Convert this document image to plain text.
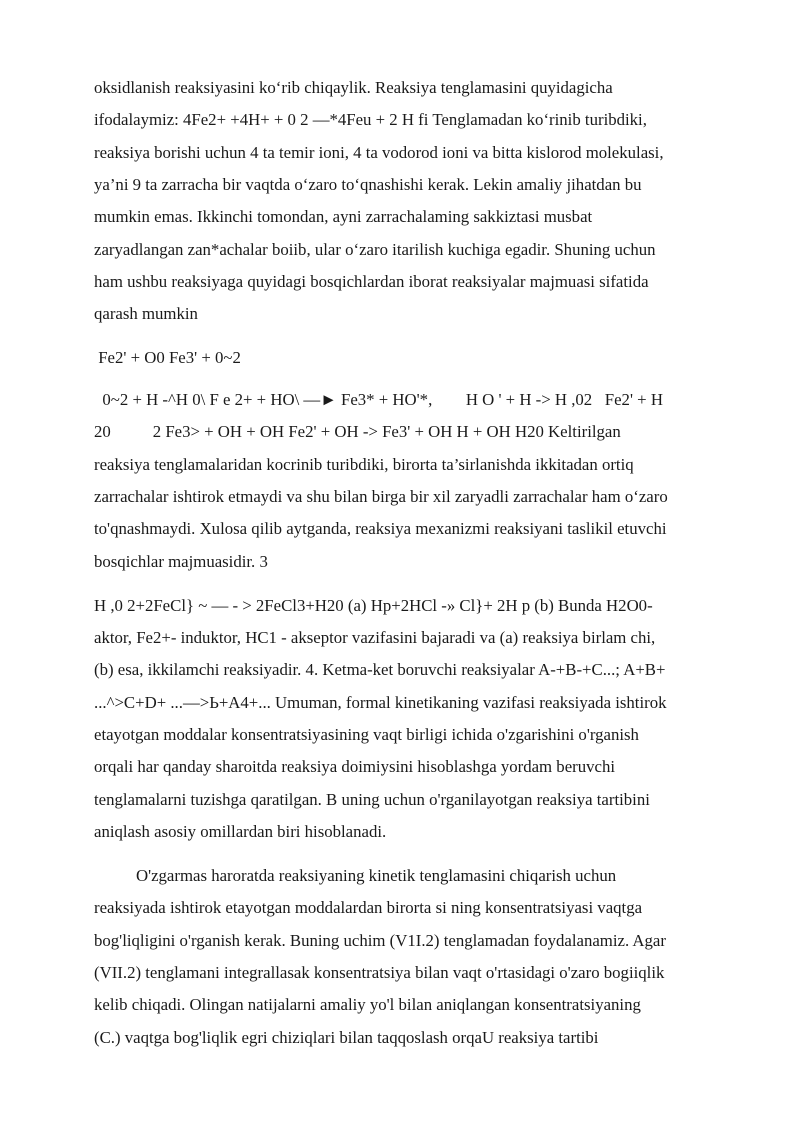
oksidlanish reaksiyasini ko‘rib chiqaylik. Reaksiya tenglamasini quyidagicha

ifodalaymiz: 4Fe2+ +4H+ + 0 2 —*4Feu + 2 H fi Tenglamadan ko‘rinib turibdiki,

reaksiya borishi uchun 4 ta temir ioni, 4 ta vodorod ioni va bitta kislorod molekulasi,

ya’ni 9 ta zarracha bir vaqtda o‘zaro to‘qnashishi kerak. Lekin amaliy jihatdan bu

mumkin emas. Ikkinchi tomondan, ayni zarrachalaming sakkiztasi musbat

zaryadlangan zan*achalar boiib, ular o‘zaro itarilish kuchiga egadir. Shuning uchun

ham ushbu reaksiyaga quyidagi bosqichlardan iborat reaksiyalar majmuasi sifatida

qarash mumkin

Fe2' + O0 Fe3' + 0~2

0~2 + H -^H 0\ F e 2+ + HO\ —► Fe3* + HO'*,        H O ' + H -> H ,02   Fe2' + H

20          2 Fe3> + OH + OH Fe2' + OH -> Fe3' + OH H + OH H20 Keltirilgan

reaksiya tenglamalaridan kocrinib turibdiki, birorta ta’sirlanishda ikkitadan ortiq

zarrachalar ishtirok etmaydi va shu bilan birga bir xil zaryadli zarrachalar ham o‘zaro

to'qnashmaydi. Xulosa qilib aytganda, reaksiya mexanizmi reaksiyani taslikil etuvchi

bosqichlar majmuasidir. 3

H ,0 2+2FeCl} ~ — - > 2FeCl3+H20 (a) Hp+2HCl -» Cl}+ 2H p (b) Bunda H2O0-

aktor, Fe2+- induktor, HC1 - akseptor vazifasini bajaradi va (a) reaksiya birlam chi,

(b) esa, ikkilamchi reaksiyadir. 4. Ketma-ket boruvchi reaksiyalar A-+B-+C...; A+B+

...^>C+D+ ...—>Ь+A4+... Umuman, formal kinetikaning vazifasi reaksiyada ishtirok

etayotgan moddalar konsentratsiyasining vaqt birligi ichida o'zgarishini o'rganish

orqali har qanday sharoitda reaksiya doimiysini hisoblashga yordam beruvchi

tenglamalarni tuzishga qaratilgan. B uning uchun o'rganilayotgan reaksiya tartibini

aniqlash asosiy omillardan biri hisoblanadi.

O'zgarmas haroratda reaksiyaning kinetik tenglamasini chiqarish uchun

reaksiyada ishtirok etayotgan moddalardan birorta si ning konsentratsiyasi vaqtga

bog'liqligini o'rganish kerak. Buning uchim (V1I.2) tenglamadan foydalanamiz. Agar

(VII.2) tenglamani integrallasak konsentratsiya bilan vaqt o'rtasidagi o'zaro bogiiqlik

kelib chiqadi. Olingan natijalarni amaliy yo'l bilan aniqlangan konsentratsiyaning

(C.) vaqtga bog'liqlik egri chiziqlari bilan taqqoslash orqaU reaksiya tartibi
